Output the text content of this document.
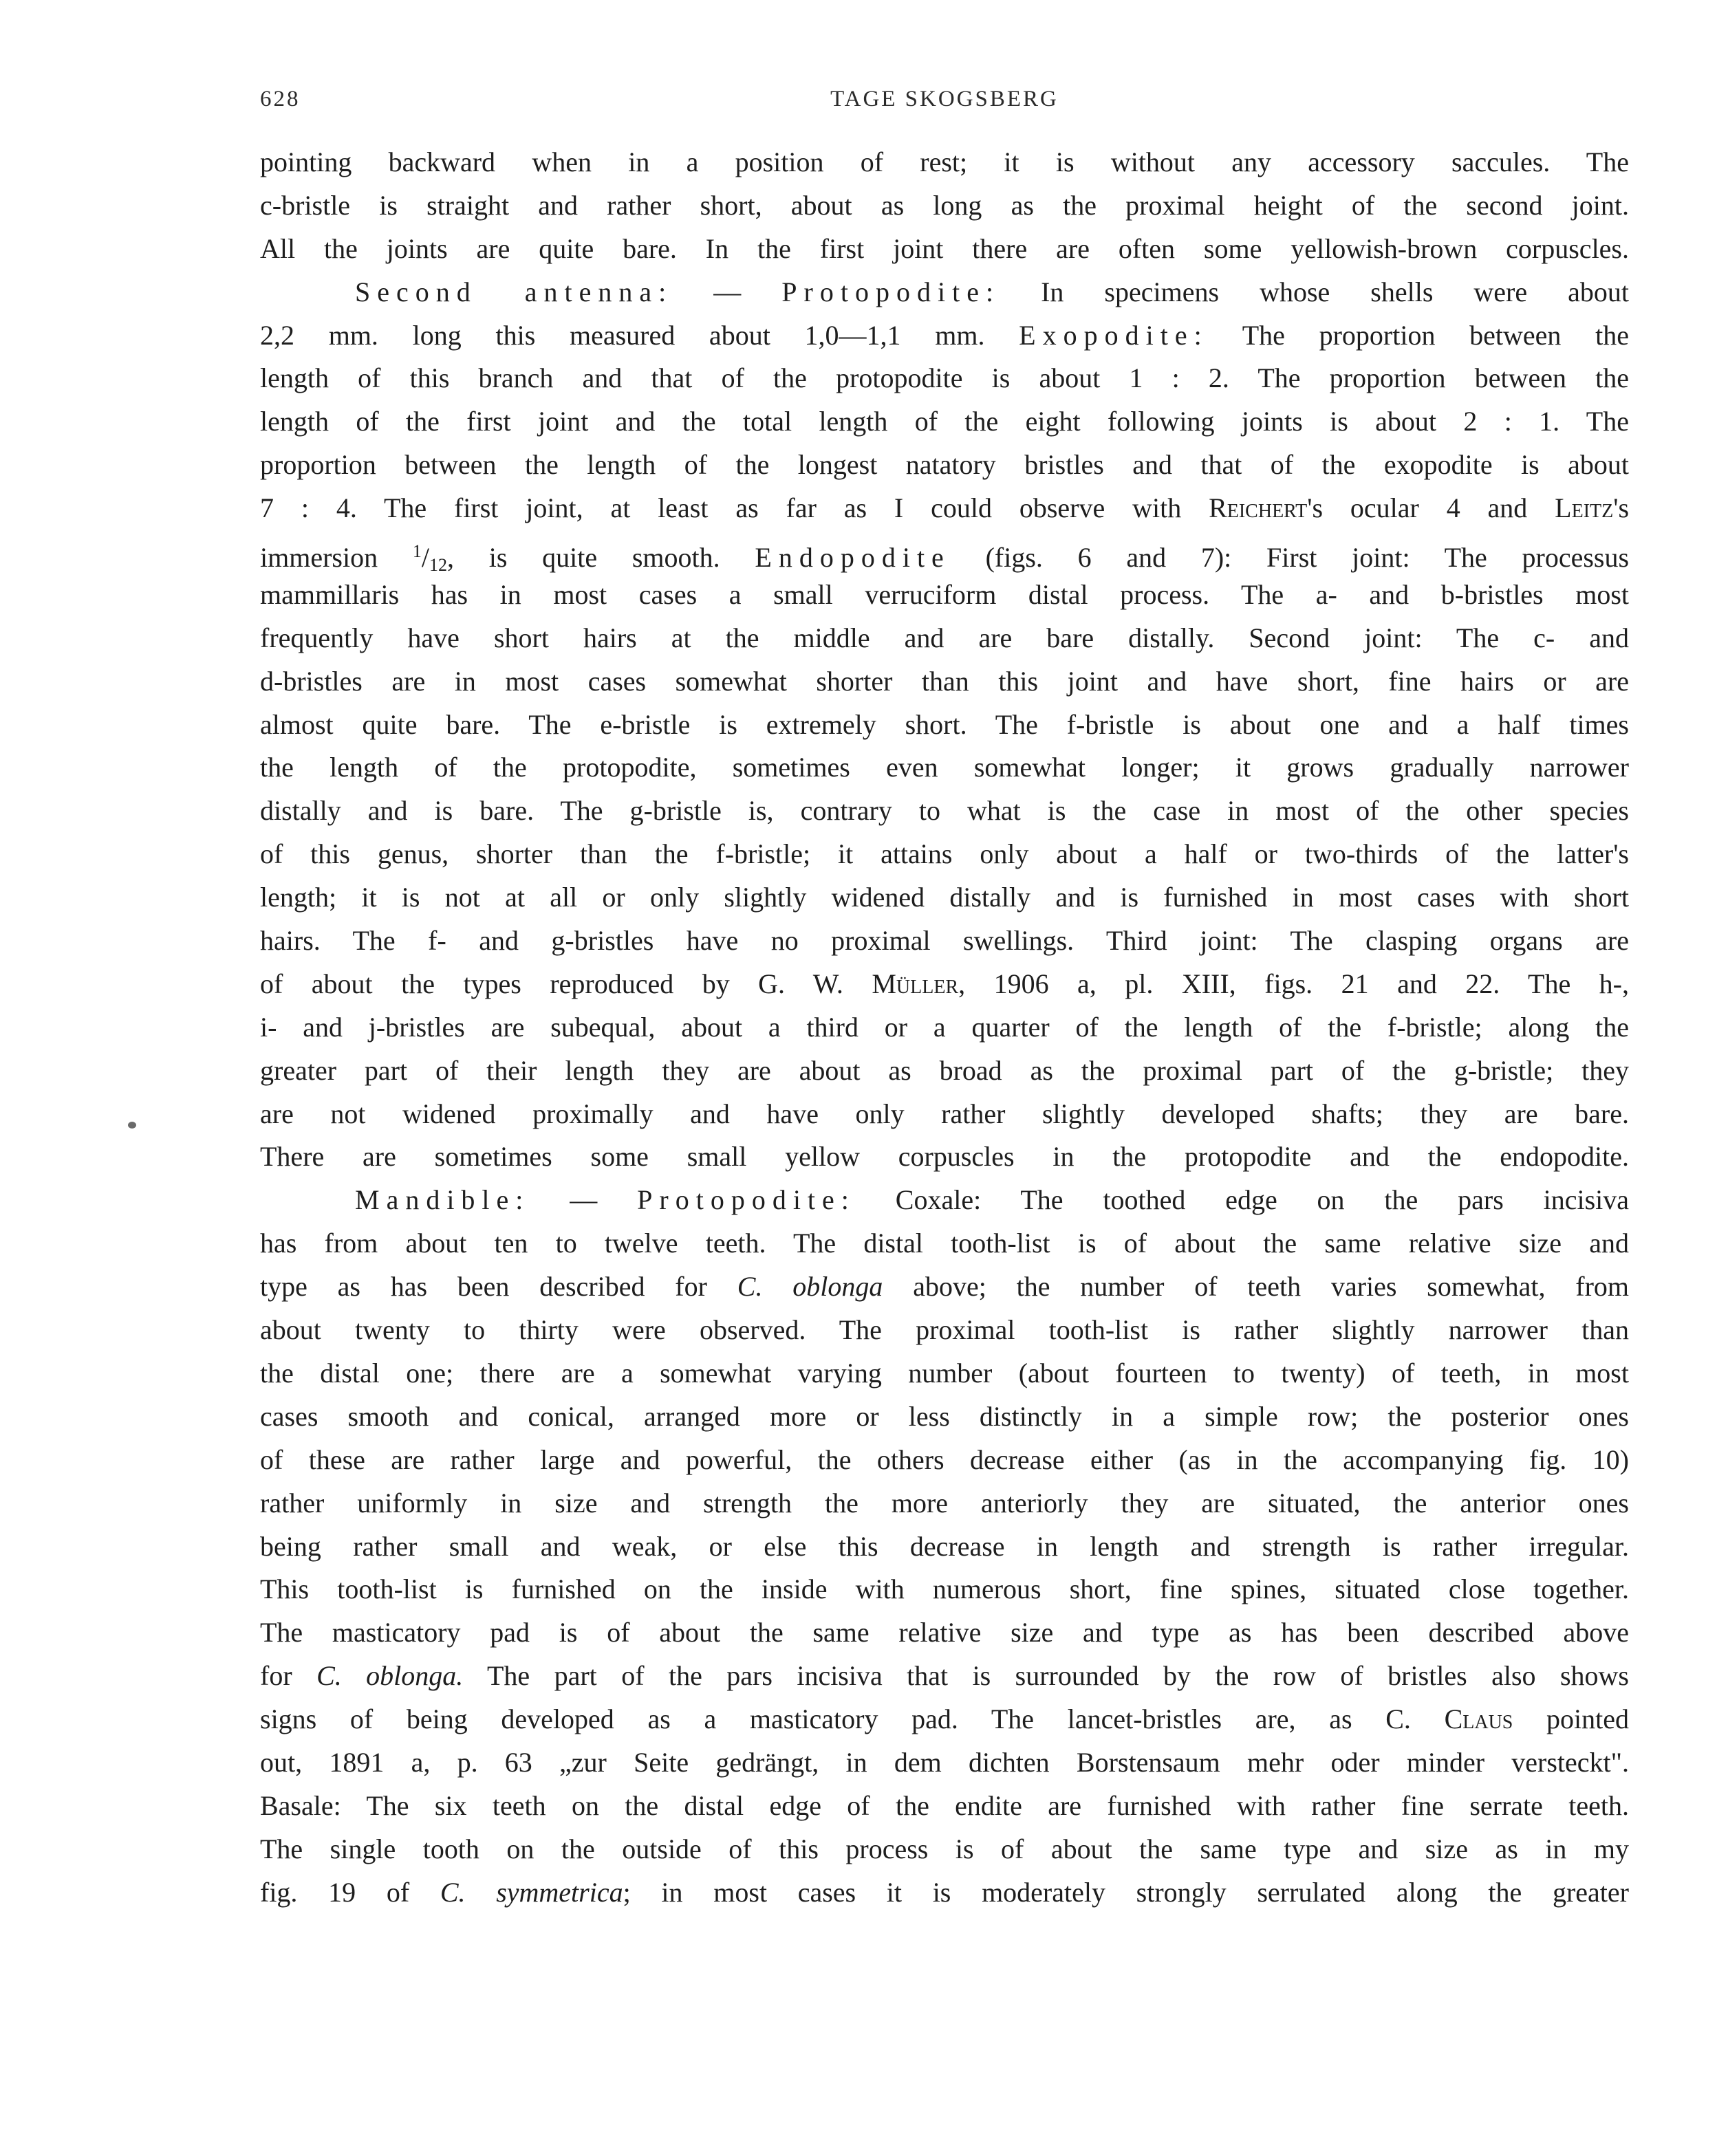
628	TAGE SKOGSBERG
pointing backward when in a position of rest; it is without any accessory saccules. The
c-bristle is straight and rather short, about as long as the proximal height of the second joint.
All the joints are quite bare. In the first joint there are often some yellowish-brown corpuscles.
Second antenna: — Protopodite: In specimens whose shells were about
2,2 mm. long this measured about 1,0—1,1 mm. Exopodite: The proportion between the
length of this branch and that of the protopodite is about 1 : 2. The proportion between the
length of the first joint and the total length of the eight following joints is about 2 : 1. The
proportion between the length of the longest natatory bristles and that of the exopodite is about
7 : 4. The first joint, at least as far as I could observe with Reichert's ocular 4 and Leitz's
immersion $^1/_{12}$, is quite smooth. Endopodite (figs. 6 and 7): First joint: The processus
mammillaris has in most cases a small verruciform distal process. The a- and b-bristles most
frequently have short hairs at the middle and are bare distally. Second joint: The c- and
d-bristles are in most cases somewhat shorter than this joint and have short, fine hairs or are
almost quite bare. The e-bristle is extremely short. The f-bristle is about one and a half times
the length of the protopodite, sometimes even somewhat longer; it grows gradually narrower
distally and is bare. The g-bristle is, contrary to what is the case in most of the other species
of this genus, shorter than the f-bristle; it attains only about a half or two-thirds of the latter's
length; it is not at all or only slightly widened distally and is furnished in most cases with short
hairs. The f- and g-bristles have no proximal swellings. Third joint: The clasping organs are
of about the types reproduced by G. W. Müller, 1906 a, pl. XIII, figs. 21 and 22. The h-,
i- and j-bristles are subequal, about a third or a quarter of the length of the f-bristle; along the
greater part of their length they are about as broad as the proximal part of the g-bristle; they
are not widened proximally and have only rather slightly developed shafts; they are bare.
There are sometimes some small yellow corpuscles in the protopodite and the endopodite.
Mandible: — Protopodite: Coxale: The toothed edge on the pars incisiva
has from about ten to twelve teeth. The distal tooth-list is of about the same relative size and
type as has been described for C. oblonga above; the number of teeth varies somewhat, from
about twenty to thirty were observed. The proximal tooth-list is rather slightly narrower than
the distal one; there are a somewhat varying number (about fourteen to twenty) of teeth, in most
cases smooth and conical, arranged more or less distinctly in a simple row; the posterior ones
of these are rather large and powerful, the others decrease either (as in the accompanying fig. 10)
rather uniformly in size and strength the more anteriorly they are situated, the anterior ones
being rather small and weak, or else this decrease in length and strength is rather irregular.
This tooth-list is furnished on the inside with numerous short, fine spines, situated close together.
The masticatory pad is of about the same relative size and type as has been described above
for C. oblonga. The part of the pars incisiva that is surrounded by the row of bristles also shows
signs of being developed as a masticatory pad. The lancet-bristles are, as C. Claus pointed
out, 1891 a, p. 63 „zur Seite gedrängt, in dem dichten Borstensaum mehr oder minder versteckt".
Basale: The six teeth on the distal edge of the endite are furnished with rather fine serrate teeth.
The single tooth on the outside of this process is of about the same type and size as in my
fig. 19 of C. symmetrica; in most cases it is moderately strongly serrulated along the greater
